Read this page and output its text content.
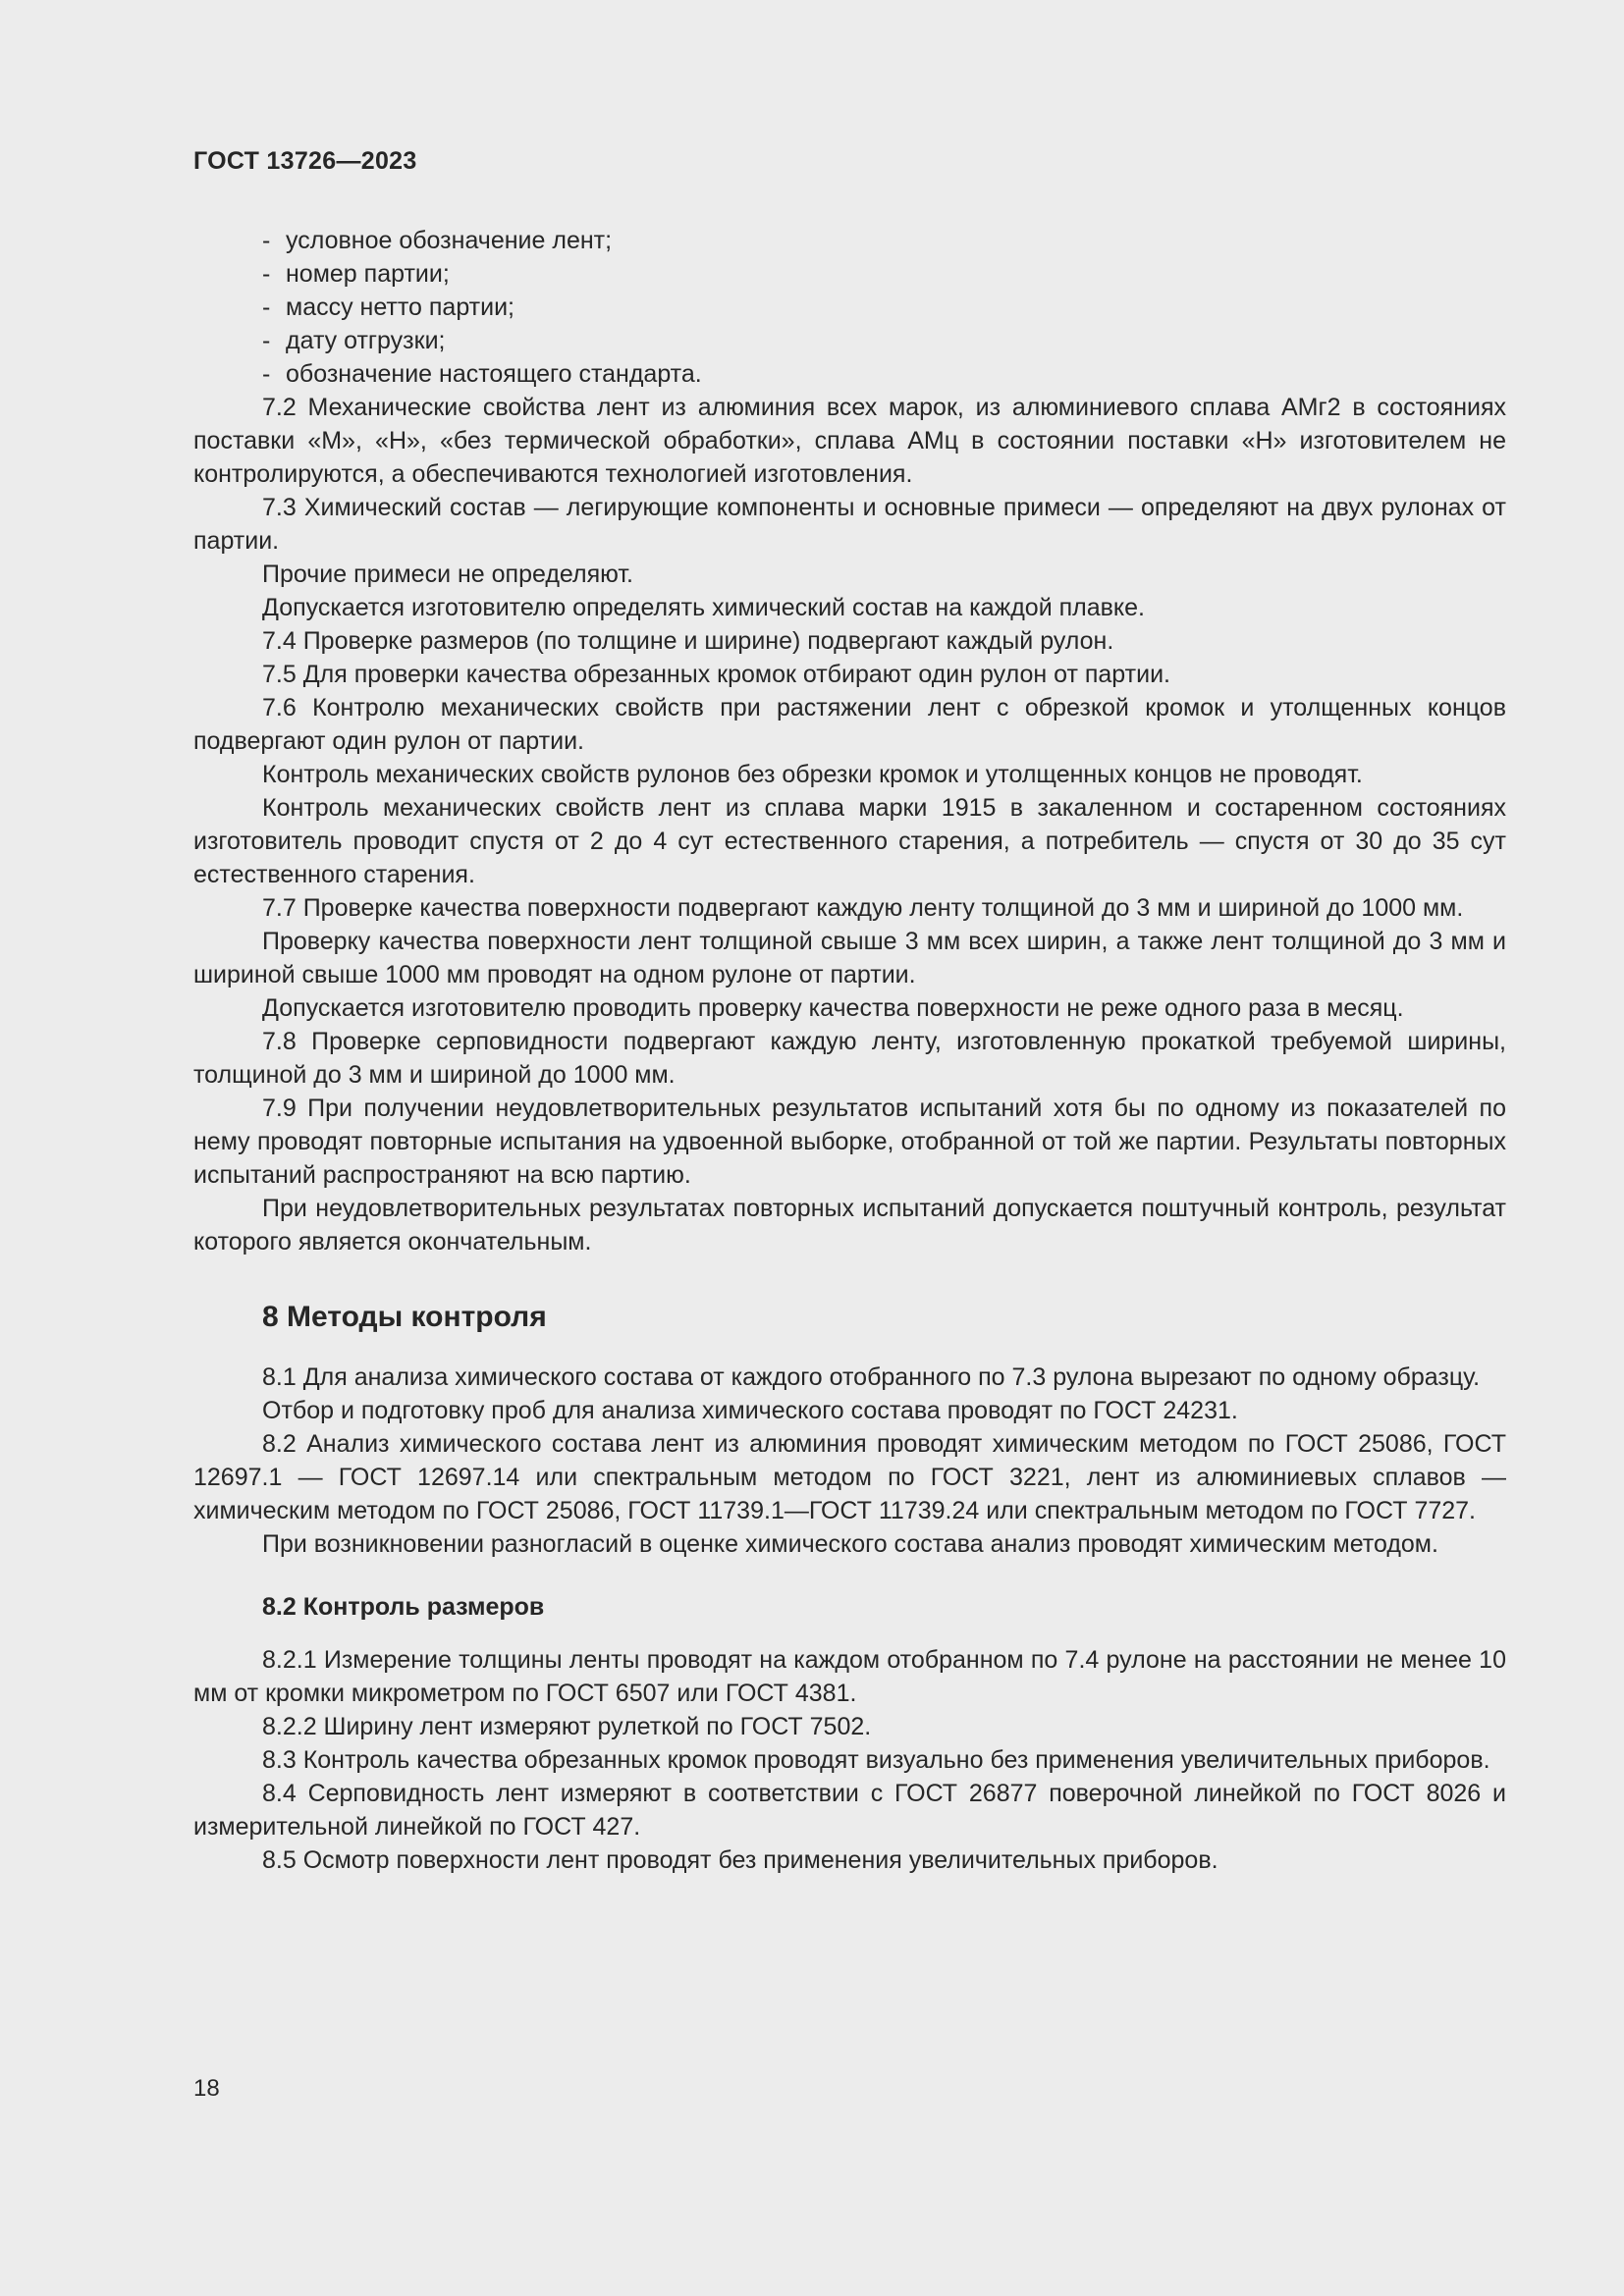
ГОСТ 13726—2023

- условное обозначение лент;

- номер партии;

- массу нетто партии;

- дату отгрузки;

- обозначение настоящего стандарта.

7.2 Механические свойства лент из алюминия всех марок, из алюминиевого сплава АМг2 в состояниях поставки «М», «Н», «без термической обработки», сплава АМц в состоянии поставки «Н» изготовителем не контролируются, а обеспечиваются технологией изготовления.

7.3 Химический состав — легирующие компоненты и основные примеси — определяют на двух рулонах от партии.

Прочие примеси не определяют.

Допускается изготовителю определять химический состав на каждой плавке.

7.4 Проверке размеров (по толщине и ширине) подвергают каждый рулон.

7.5 Для проверки качества обрезанных кромок отбирают один рулон от партии.

7.6 Контролю механических свойств при растяжении лент с обрезкой кромок и утолщенных концов подвергают один рулон от партии.

Контроль механических свойств рулонов без обрезки кромок и утолщенных концов не проводят.

Контроль механических свойств лент из сплава марки 1915 в закаленном и состаренном состояниях изготовитель проводит спустя от 2 до 4 сут естественного старения, а потребитель — спустя от 30 до 35 сут естественного старения.

7.7 Проверке качества поверхности подвергают каждую ленту толщиной до 3 мм и шириной до 1000 мм.

Проверку качества поверхности лент толщиной свыше 3 мм всех ширин, а также лент толщиной до 3 мм и шириной свыше 1000 мм проводят на одном рулоне от партии.

Допускается изготовителю проводить проверку качества поверхности не реже одного раза в месяц.

7.8 Проверке серповидности подвергают каждую ленту, изготовленную прокаткой требуемой ширины, толщиной до 3 мм и шириной до 1000 мм.

7.9 При получении неудовлетворительных результатов испытаний хотя бы по одному из показателей по нему проводят повторные испытания на удвоенной выборке, отобранной от той же партии. Результаты повторных испытаний распространяют на всю партию.

При неудовлетворительных результатах повторных испытаний допускается поштучный контроль, результат которого является окончательным.

8 Методы контроля

8.1 Для анализа химического состава от каждого отобранного по 7.3 рулона вырезают по одному образцу.

Отбор и подготовку проб для анализа химического состава проводят по ГОСТ 24231.

8.2 Анализ химического состава лент из алюминия проводят химическим методом по ГОСТ 25086, ГОСТ 12697.1 — ГОСТ 12697.14 или спектральным методом по ГОСТ 3221, лент из алюминиевых сплавов — химическим методом по ГОСТ 25086, ГОСТ 11739.1—ГОСТ 11739.24 или спектральным методом по ГОСТ 7727.

При возникновении разногласий в оценке химического состава анализ проводят химическим методом.

8.2 Контроль размеров

8.2.1 Измерение толщины ленты проводят на каждом отобранном по 7.4 рулоне на расстоянии не менее 10 мм от кромки микрометром по ГОСТ 6507 или ГОСТ 4381.

8.2.2 Ширину лент измеряют рулеткой по ГОСТ 7502.

8.3 Контроль качества обрезанных кромок проводят визуально без применения увеличительных приборов.

8.4 Серповидность лент измеряют в соответствии с ГОСТ 26877 поверочной линейкой по ГОСТ 8026 и измерительной линейкой по ГОСТ 427.

8.5 Осмотр поверхности лент проводят без применения увеличительных приборов.

18
